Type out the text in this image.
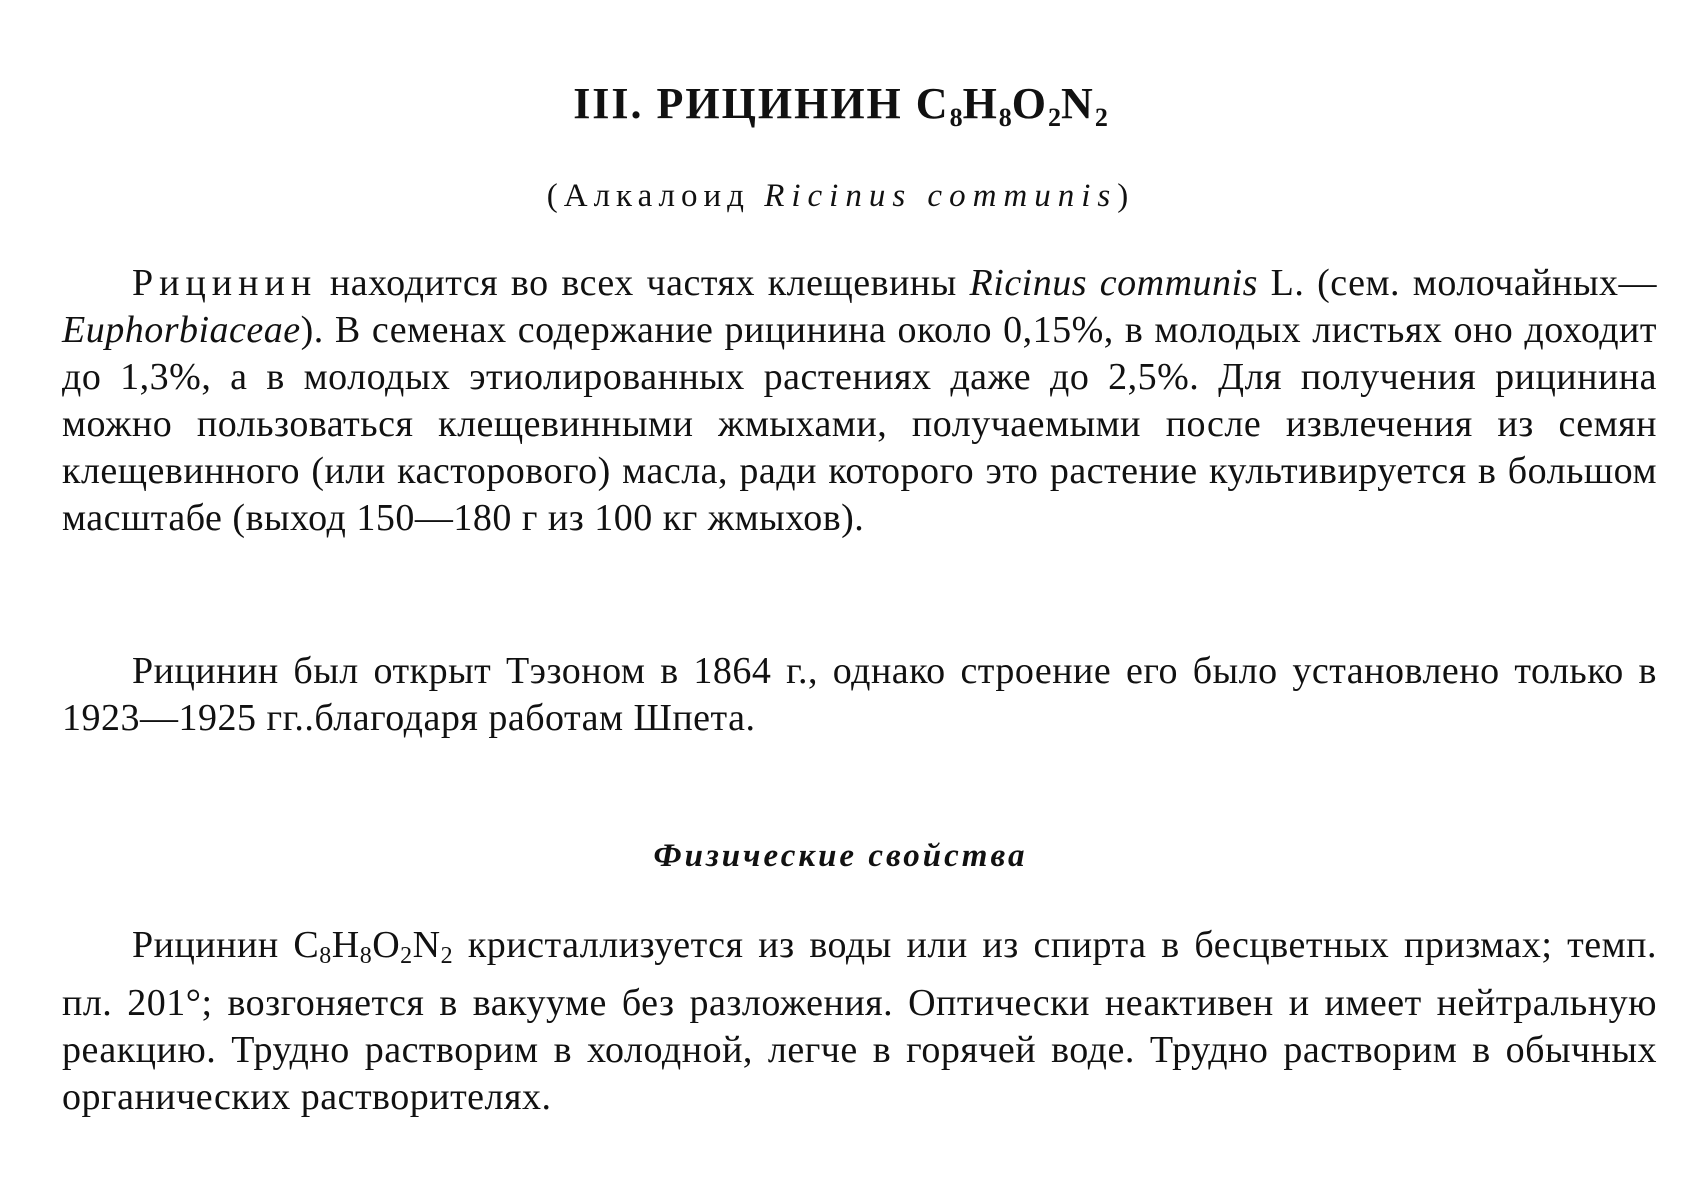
III. РИЦИНИН $C_8H_8O_2N_2$
(Алкалоид Ricinus communis)

Рицинин находится во всех частях клещевины Ricinus communis L. (сем. молочайных—Euphorbiaceae). В семенах содержание рицинина около 0,15%, в молодых листьях оно доходит до 1,3%, а в молодых этиолированных растениях даже до 2,5%. Для получения рицинина можно пользоваться клещевинными жмыхами, получаемыми после извлечения из семян клещевинного (или касторового) масла, ради которого это растение культивируется в большом масштабе (выход 150—180 г из 100 кг жмыхов).

Рицинин был открыт Тэзоном в 1864 г., однако строение его было установлено только в 1923—1925 гг..благодаря работам Шпета.

Физические свойства

Рицинин $C_8H_8O_2N_2$ кристаллизуется из воды или из спирта в бесцветных призмах; темп. пл. 201°; возгоняется в вакууме без разложения. Оптически неактивен и имеет нейтральную реакцию. Трудно растворим в холодной, легче в горячей воде. Трудно растворим в обычных органических растворителях.
